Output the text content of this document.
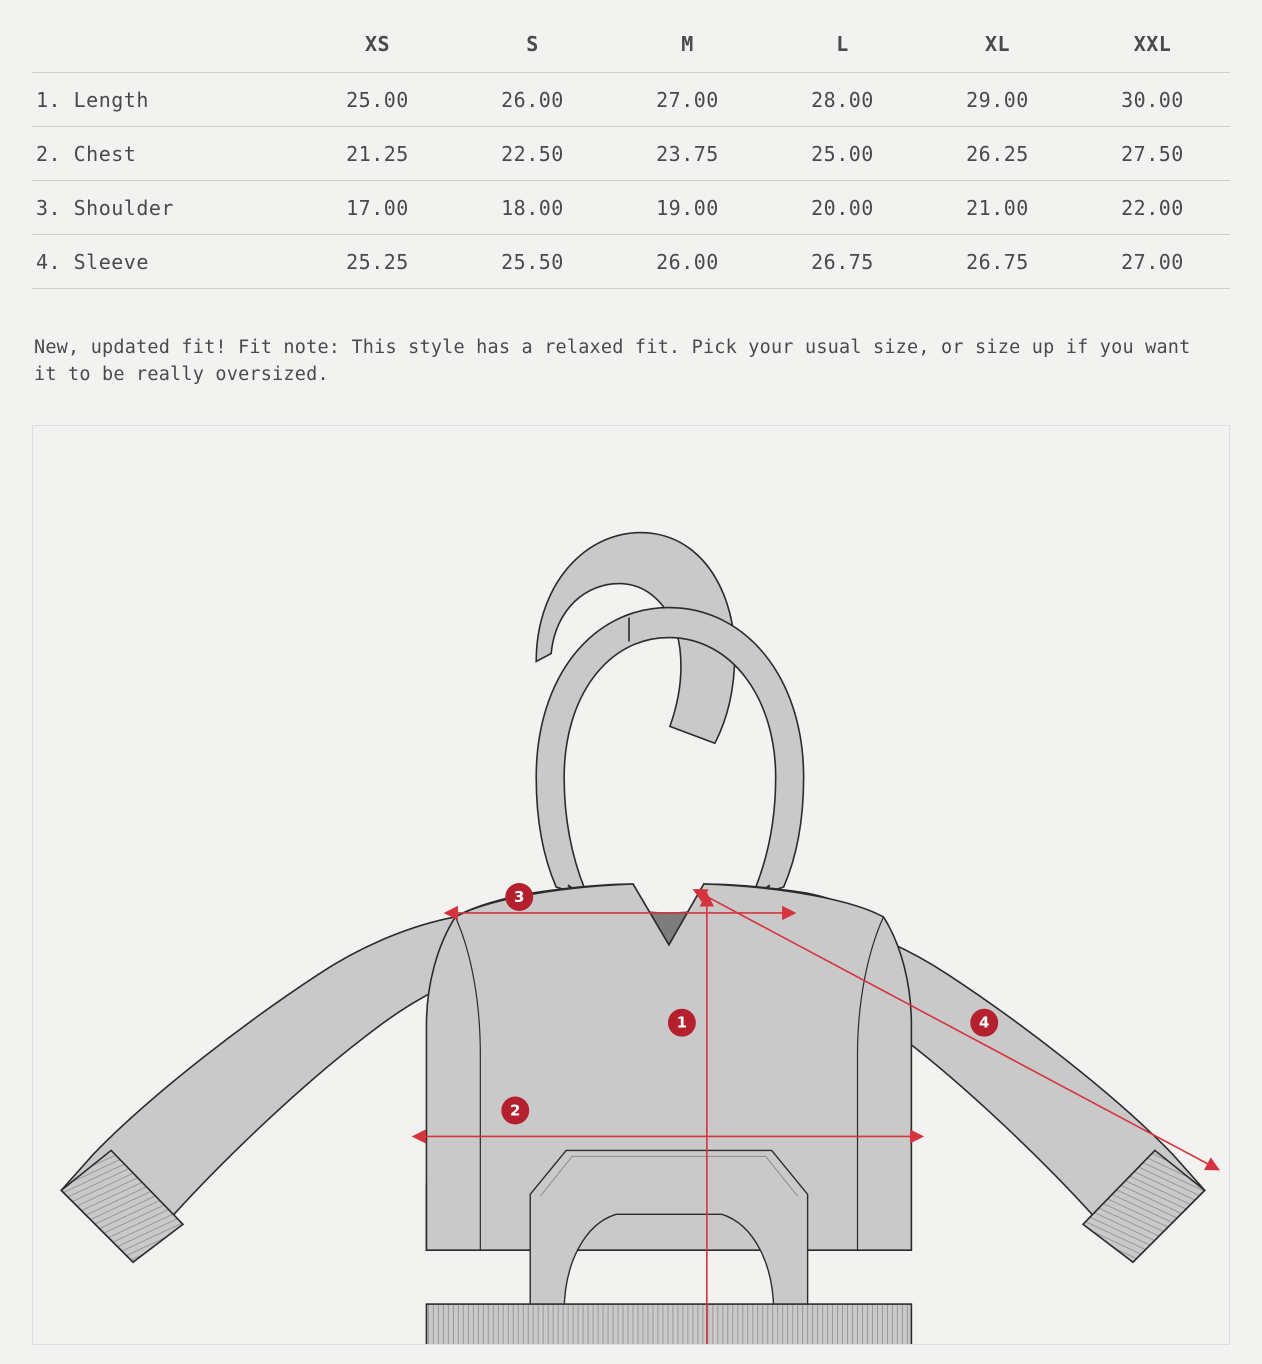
	XS	S	M	L	XL	XXL
1. Length	25.00	26.00	27.00	28.00	29.00	30.00
2. Chest	21.25	22.50	23.75	25.00	26.25	27.50
3. Shoulder	17.00	18.00	19.00	20.00	21.00	22.00
4. Sleeve	25.25	25.50	26.00	26.75	26.75	27.00

New, updated fit! Fit note: This style has a relaxed fit. Pick your usual size, or size up if you want it to be really oversized.

1
2
3
4
